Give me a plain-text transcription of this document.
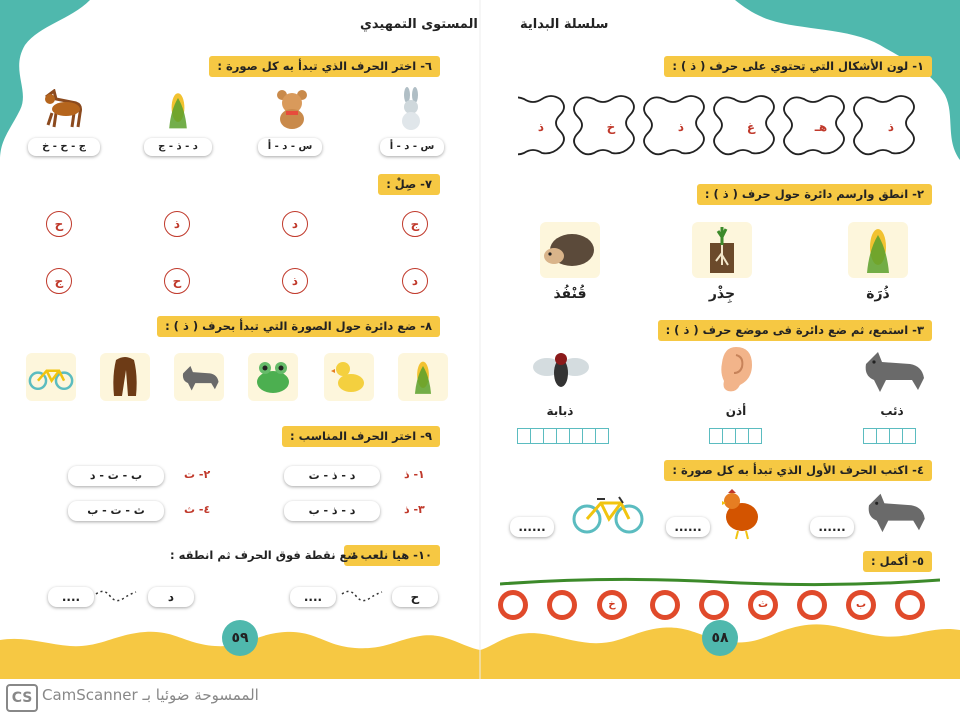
سلسلة البداية
المستوى التمهيدي
١- لون الأشكال التي تحتوي على حرف ( ذ ) :
ذ
هـ
غ
ذ
خ
ذ
٢- انطق وارسم دائرة حول حرف ( ذ ) :
ذُرَة
جِذْر
قُنْفُذ
٣- استمع، ثم ضع دائرة فى موضع حرف ( ذ ) :
ذئب
أذن
ذبابة
٤- اكتب الحرف الأول الذي تبدأ به كل صورة :
......
......
......
٥- أكمل :
ب
ث
خ
٥٨
٦- اختر الحرف الذي تبدأ به كل صورة :
س - د - أ
س - د - أ
د - ذ - ج
ج - ح - خ
٧- صِلْ :
ج
د
ذ
ح
د
ذ
ح
ج
٨- ضع دائرة حول الصورة التي تبدأ بحرف ( ذ ) :
٩- اختر الحرف المناسب :
١- ذ
د - ذ - ت
٢- ت
ب - ت - د
٣- ذ
د - ذ - ب
٤- ث
ث - ت - ب
١٠- هيا نلعب :
ضع نقطة فوق الحرف ثم انطقه :
ح
....
د
....
٥٩
CS CamScanner الممسوحة ضوئيا بـ
